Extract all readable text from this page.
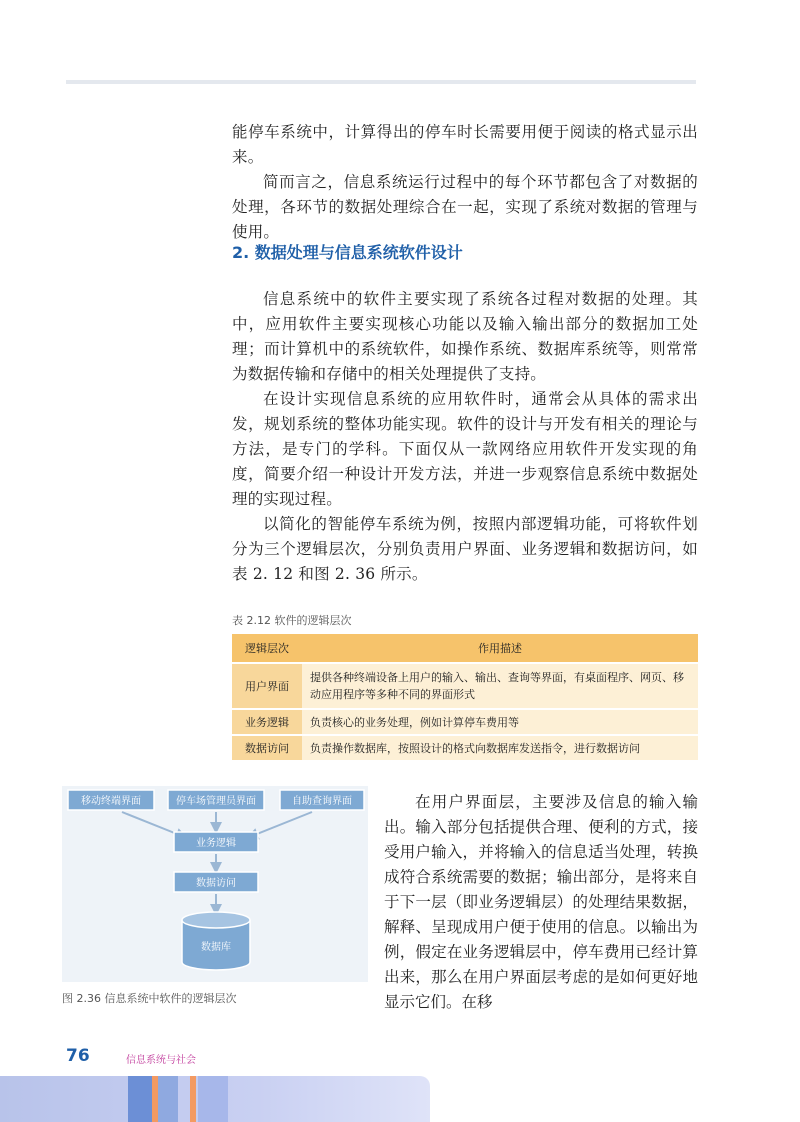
能停车系统中，计算得出的停车时长需要用便于阅读的格式显示出来。

简而言之，信息系统运行过程中的每个环节都包含了对数据的处理，各环节的数据处理综合在一起，实现了系统对数据的管理与使用。

2. 数据处理与信息系统软件设计

信息系统中的软件主要实现了系统各过程对数据的处理。其中，应用软件主要实现核心功能以及输入输出部分的数据加工处理；而计算机中的系统软件，如操作系统、数据库系统等，则常常为数据传输和存储中的相关处理提供了支持。

在设计实现信息系统的应用软件时，通常会从具体的需求出发，规划系统的整体功能实现。软件的设计与开发有相关的理论与方法，是专门的学科。下面仅从一款网络应用软件开发实现的角度，简要介绍一种设计开发方法，并进一步观察信息系统中数据处理的实现过程。

以简化的智能停车系统为例，按照内部逻辑功能，可将软件划分为三个逻辑层次，分别负责用户界面、业务逻辑和数据访问，如表 2. 12 和图 2. 36 所示。

表 2.12 软件的逻辑层次
逻辑层次	作用描述
用户界面	提供各种终端设备上用户的输入、输出、查询等界面，有桌面程序、网页、移动应用程序等多种不同的界面形式
业务逻辑	负责核心的业务处理，例如计算停车费用等
数据访问	负责操作数据库，按照设计的格式向数据库发送指令，进行数据访问
移动终端界面	停车场管理员界面	自助查询界面
业务逻辑
数据访问
数据库
图 2.36 信息系统中软件的逻辑层次

在用户界面层，主要涉及信息的输入输出。输入部分包括提供合理、便利的方式，接受用户输入，并将输入的信息适当处理，转换成符合系统需要的数据；输出部分，是将来自于下一层（即业务逻辑层）的处理结果数据，解释、呈现成用户便于使用的信息。以输出为例，假定在业务逻辑层中，停车费用已经计算出来，那么在用户界面层考虑的是如何更好地显示它们。在移

76	信息系统与社会
